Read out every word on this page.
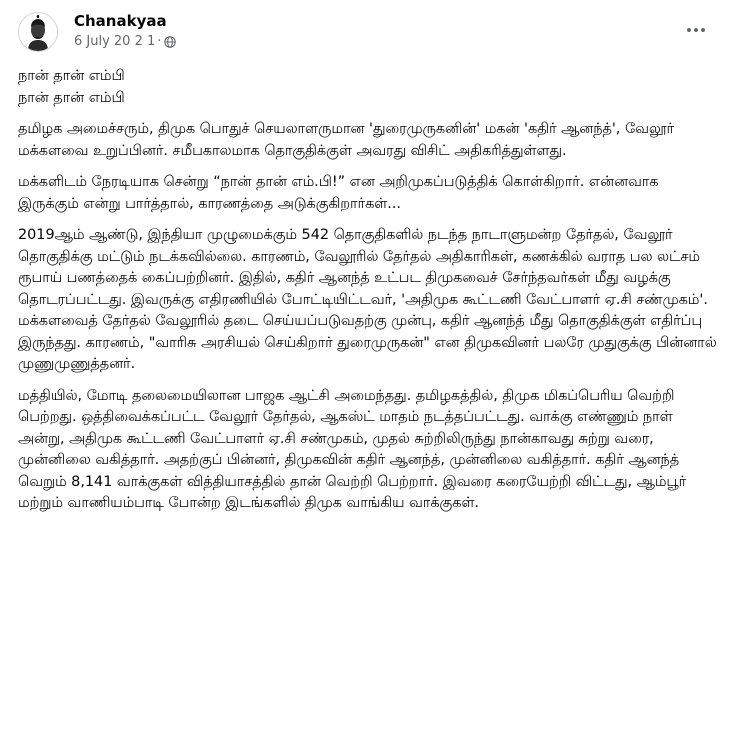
Chanakyaa
6 July 20 2 1 ·

நான் தான் எம்பி
நான் தான் எம்பி

தமிழக அமைச்சரும், திமுக பொதுச் செயலாளருமான 'துரைமுருகனின்' மகன் 'கதிர் ஆனந்த்', வேலூர் மக்களவை உறுப்பினர். சமீபகாலமாக தொகுதிக்குள் அவரது விசிட் அதிகரித்துள்ளது.

மக்களிடம் நேரடியாக சென்று “நான் தான் எம்.பி!” என அறிமுகப்படுத்திக் கொள்கிறார். என்னவாக இருக்கும் என்று பார்த்தால், காரணத்தை அடுக்குகிறார்கள்...

2019ஆம் ஆண்டு, இந்தியா முழுமைக்கும் 542 தொகுதிகளில் நடந்த நாடாளுமன்ற தேர்தல், வேலூர் தொகுதிக்கு மட்டும் நடக்கவில்லை. காரணம், வேலூரில் தேர்தல் அதிகாரிகள், கணக்கில் வராத பல லட்சம் ரூபாய் பணத்தைக் கைப்பற்றினர். இதில், கதிர் ஆனந்த் உட்பட திமுகவைச் சேர்ந்தவர்கள் மீது வழக்கு தொடரப்பட்டது. இவருக்கு எதிரணியில் போட்டியிட்டவர், 'அதிமுக கூட்டணி வேட்பாளர் ஏ.சி சண்முகம்'. மக்களவைத் தேர்தல் வேலூரில் தடை செய்யப்படுவதற்கு முன்பு, கதிர் ஆனந்த் மீது தொகுதிக்குள் எதிர்ப்பு இருந்தது. காரணம், "வாரிசு அரசியல் செய்கிறார் துரைமுருகன்" என திமுகவினர் பலரே முதுகுக்கு பின்னால் முணுமுணுத்தனர்.

மத்தியில், மோடி தலைமையிலான பாஜக ஆட்சி அமைந்தது. தமிழகத்தில், திமுக மிகப்பெரிய வெற்றி பெற்றது. ஒத்திவைக்கப்பட்ட வேலூர் தேர்தல், ஆகஸ்ட் மாதம் நடத்தப்பட்டது. வாக்கு எண்ணும் நாள் அன்று, அதிமுக கூட்டணி வேட்பாளர் ஏ.சி சண்முகம், முதல் சுற்றிலிருந்து நான்காவது சுற்று வரை, முன்னிலை வகித்தார். அதற்குப் பின்னர், திமுகவின் கதிர் ஆனந்த், முன்னிலை வகித்தார். கதிர் ஆனந்த் வெறும் 8,141 வாக்குகள் வித்தியாசத்தில் தான் வெற்றி பெற்றார். இவரை கரையேற்றி விட்டது, ஆம்பூர் மற்றும் வாணியம்பாடி போன்ற இடங்களில் திமுக வாங்கிய வாக்குகள்.
